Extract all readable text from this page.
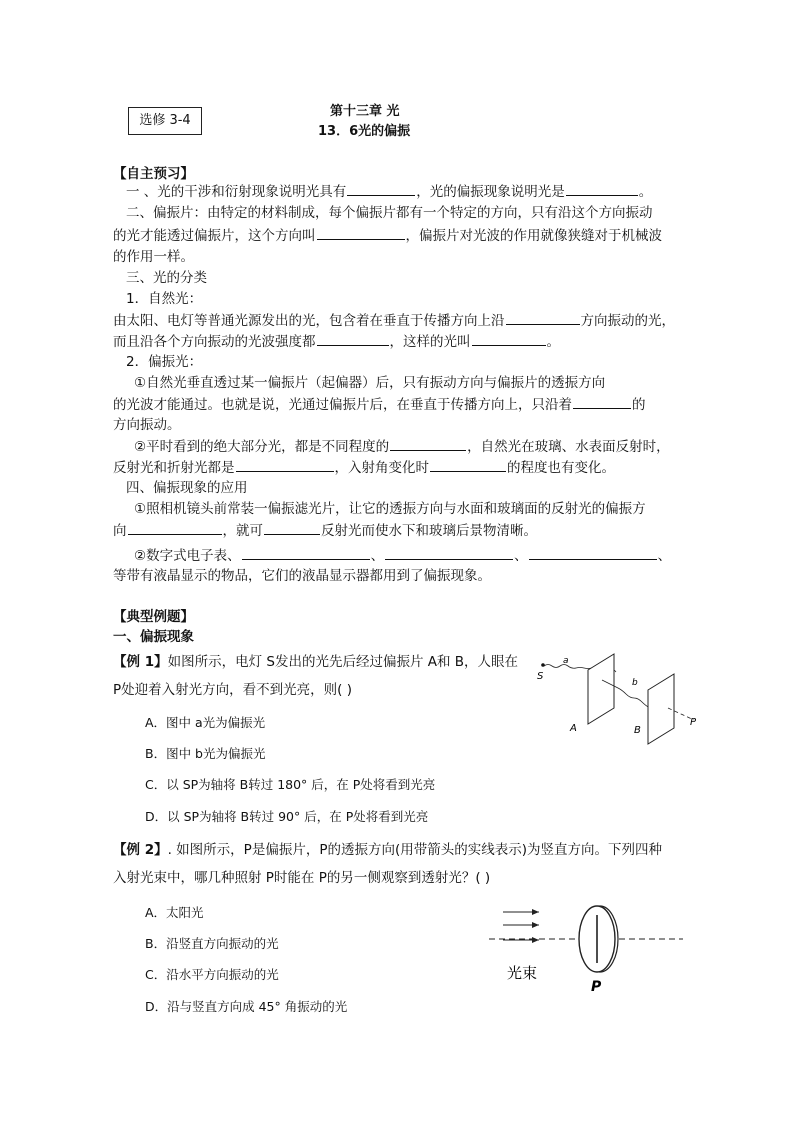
选修 3-4
第十三章 光
13．6光的偏振
【自主预习】
一 、光的干涉和衍射现象说明光具有	，光的偏振现象说明光是	。
二、偏振片：由特定的材料制成，每个偏振片都有一个特定的方向，只有沿这个方向振动
的光才能透过偏振片，这个方向叫	，偏振片对光波的作用就像狭缝对于机械波
的作用一样。
三、光的分类
1．自然光：
由太阳、电灯等普通光源发出的光，包含着在垂直于传播方向上沿	方向振动的光，
而且沿各个方向振动的光波强度都	，这样的光叫	。
2．偏振光：
①自然光垂直透过某一偏振片（起偏器）后，只有振动方向与偏振片的透振方向
的光波才能通过。也就是说，光通过偏振片后，在垂直于传播方向上，只沿着	的
方向振动。
②平时看到的绝大部分光，都是不同程度的	，自然光在玻璃、水表面反射时，
反射光和折射光都是	，入射角变化时	的程度也有变化。
四、偏振现象的应用
①照相机镜头前常装一偏振滤光片，让它的透振方向与水面和玻璃面的反射光的偏振方
向	，就可	反射光而使水下和玻璃后景物清晰。
②数字式电子表、	、	、	、
等带有液晶显示的物品，它们的液晶显示器都用到了偏振现象。
【典型例题】
一、偏振现象
【例 1】如图所示，电灯 S发出的光先后经过偏振片 A和 B，人眼在
P处迎着入射光方向，看不到光亮，则( )
A．图中 a光为偏振光
B．图中 b光为偏振光
C．以 SP为轴将 B转过 180° 后，在 P处将看到光亮
D．以 SP为轴将 B转过 90° 后，在 P处将看到光亮
S
a
A
b
B
P
【例 2】. 如图所示，P是偏振片，P的透振方向(用带箭头的实线表示)为竖直方向。下列四种
入射光束中，哪几种照射 P时能在 P的另一侧观察到透射光？( )
A．太阳光
B．沿竖直方向振动的光
C．沿水平方向振动的光
D．沿与竖直方向成 45° 角振动的光
光束
P
